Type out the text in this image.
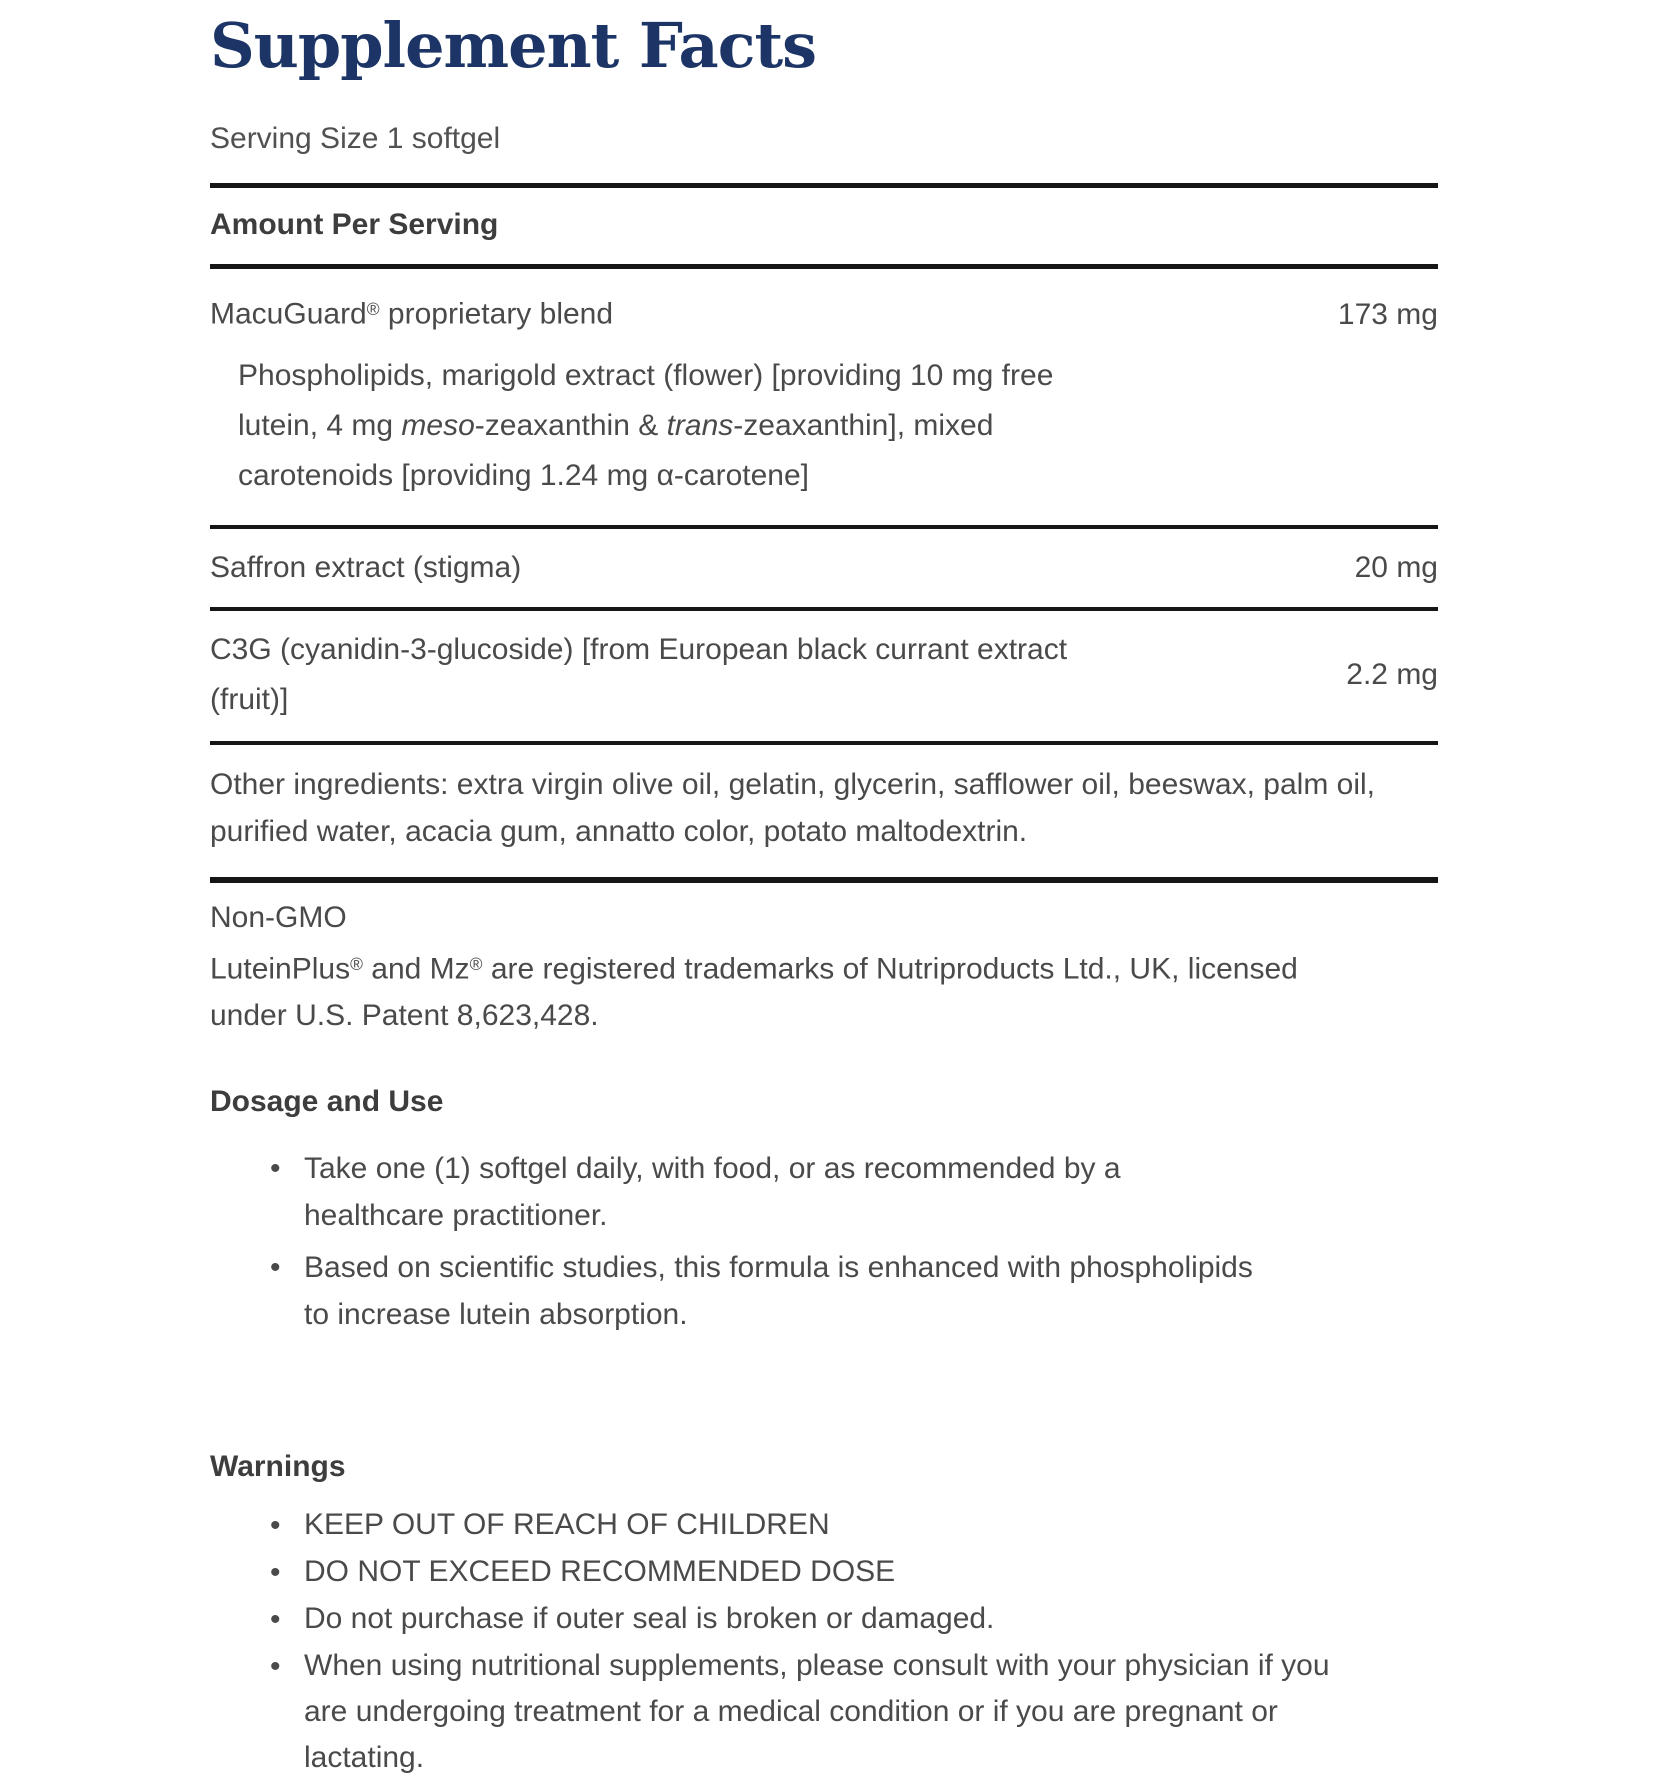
Supplement Facts
Serving Size 1 softgel
Amount Per Serving
MacuGuard® proprietary blend	173 mg
Phospholipids, marigold extract (flower) [providing 10 mg free lutein, 4 mg meso-zeaxanthin & trans-zeaxanthin], mixed carotenoids [providing 1.24 mg α-carotene]
Saffron extract (stigma)	20 mg
C3G (cyanidin-3-glucoside) [from European black currant extract (fruit)]
2.2 mg
Other ingredients: extra virgin olive oil, gelatin, glycerin, safflower oil, beeswax, palm oil, purified water, acacia gum, annatto color, potato maltodextrin.

Non-GMO

LuteinPlus® and Mz® are registered trademarks of Nutriproducts Ltd., UK, licensed under U.S. Patent 8,623,428.

Dosage and Use
• Take one (1) softgel daily, with food, or as recommended by a healthcare practitioner.
• Based on scientific studies, this formula is enhanced with phospholipids to increase lutein absorption.
Warnings
• KEEP OUT OF REACH OF CHILDREN
• DO NOT EXCEED RECOMMENDED DOSE
• Do not purchase if outer seal is broken or damaged.
• When using nutritional supplements, please consult with your physician if you are undergoing treatment for a medical condition or if you are pregnant or lactating.
